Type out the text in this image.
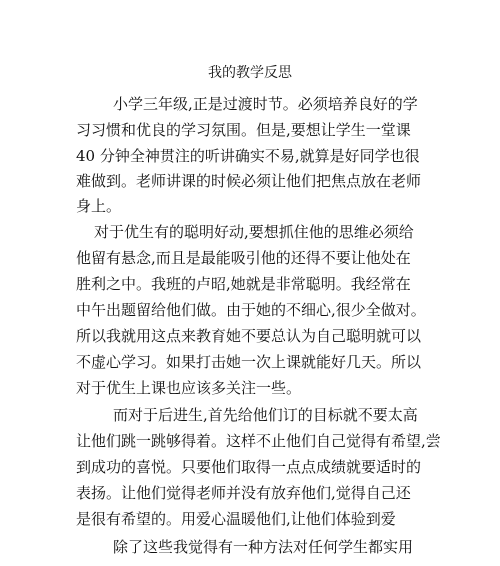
我的教学反思
小学三年级,正是过渡时节。必须培养良好的学
习习惯和优良的学习氛围。但是,要想让学生一堂课
40 分钟全神贯注的听讲确实不易,就算是好同学也很
难做到。老师讲课的时候必须让他们把焦点放在老师
身上。
对于优生有的聪明好动,要想抓住他的思维必须给
他留有悬念,而且是最能吸引他的还得不要让他处在
胜利之中。我班的卢昭,她就是非常聪明。我经常在
中午出题留给他们做。由于她的不细心,很少全做对。
所以我就用这点来教育她不要总认为自己聪明就可以
不虚心学习。如果打击她一次上课就能好几天。所以
对于优生上课也应该多关注一些。
而对于后进生,首先给他们订的目标就不要太高
让他们跳一跳够得着。这样不止他们自己觉得有希望,尝
到成功的喜悦。只要他们取得一点点成绩就要适时的
表扬。让他们觉得老师并没有放弃他们,觉得自己还
是很有希望的。用爱心温暖他们,让他们体验到爱
除了这些我觉得有一种方法对任何学生都实用
